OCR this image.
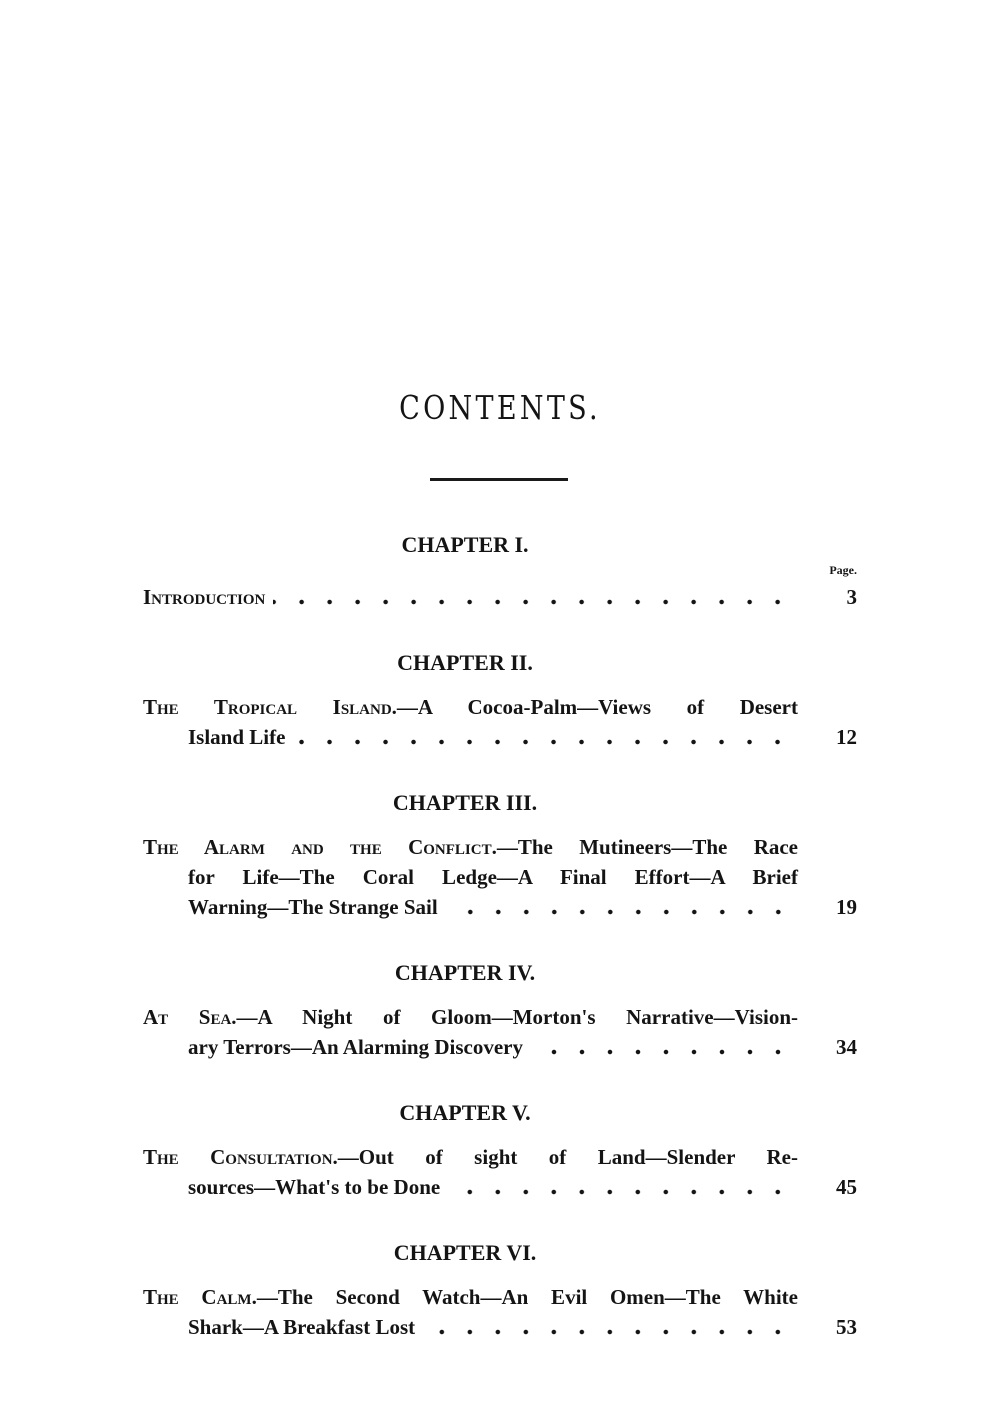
CONTENTS.
CHAPTER I.
Page.
Introduction	3
CHAPTER II.
The Tropical Island.—A Cocoa-Palm—Views of Desert
Island Life	12
CHAPTER III.
The Alarm and the Conflict.—The Mutineers—The Race
for Life—The Coral Ledge—A Final Effort—A Brief
Warning—The Strange Sail	19
CHAPTER IV.
At Sea.—A Night of Gloom—Morton's Narrative—Vision-
ary Terrors—An Alarming Discovery	34
CHAPTER V.
The Consultation.—Out of sight of Land—Slender Re-
sources—What's to be Done	45
CHAPTER VI.
The Calm.—The Second Watch—An Evil Omen—The White
Shark—A Breakfast Lost	53
